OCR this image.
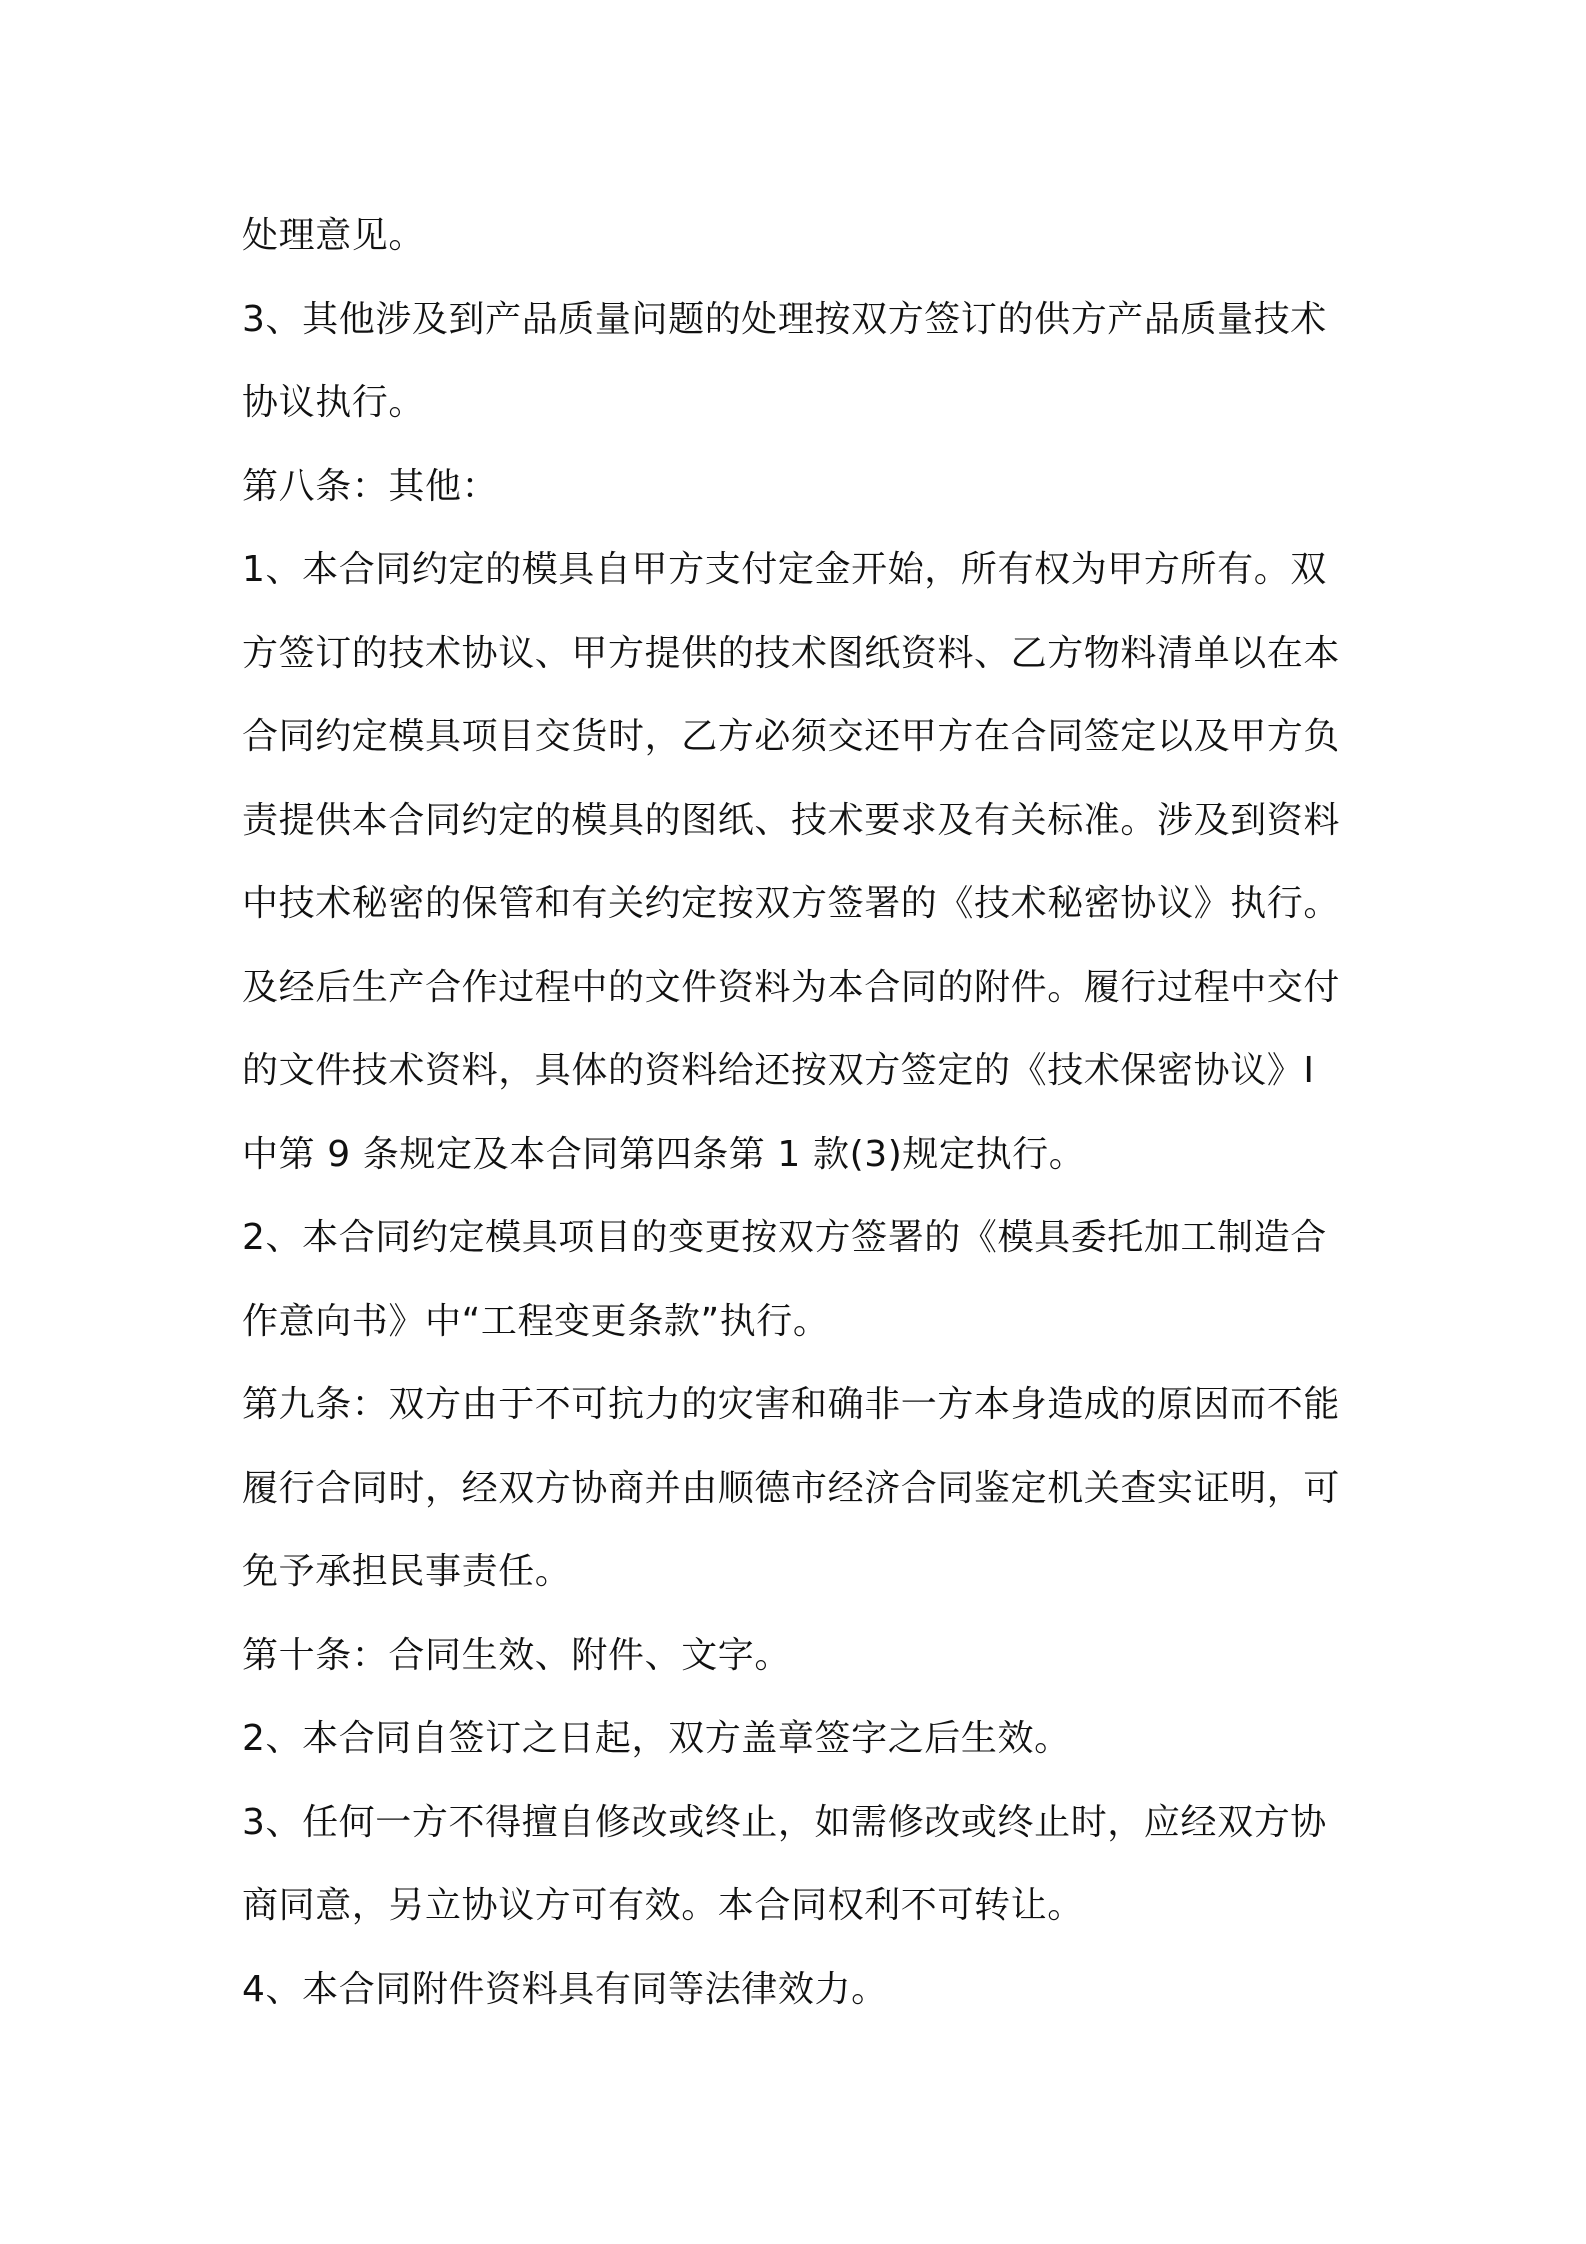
处理意见。
3、其他涉及到产品质量问题的处理按双方签订的供方产品质量技术
协议执行。
第八条：其他：
1、本合同约定的模具自甲方支付定金开始，所有权为甲方所有。双
方签订的技术协议、甲方提供的技术图纸资料、乙方物料清单以在本
合同约定模具项目交货时，乙方必须交还甲方在合同签定以及甲方负
责提供本合同约定的模具的图纸、技术要求及有关标准。涉及到资料
中技术秘密的保管和有关约定按双方签署的《技术秘密协议》执行。
及经后生产合作过程中的文件资料为本合同的附件。履行过程中交付
的文件技术资料，具体的资料给还按双方签定的《技术保密协议》I
中第 9 条规定及本合同第四条第 1 款(3)规定执行。
2、本合同约定模具项目的变更按双方签署的《模具委托加工制造合
作意向书》中“工程变更条款”执行。
第九条：双方由于不可抗力的灾害和确非一方本身造成的原因而不能
履行合同时，经双方协商并由顺德市经济合同鉴定机关查实证明，可
免予承担民事责任。
第十条：合同生效、附件、文字。
2、本合同自签订之日起，双方盖章签字之后生效。
3、任何一方不得擅自修改或终止，如需修改或终止时，应经双方协
商同意，另立协议方可有效。本合同权利不可转让。
4、本合同附件资料具有同等法律效力。
